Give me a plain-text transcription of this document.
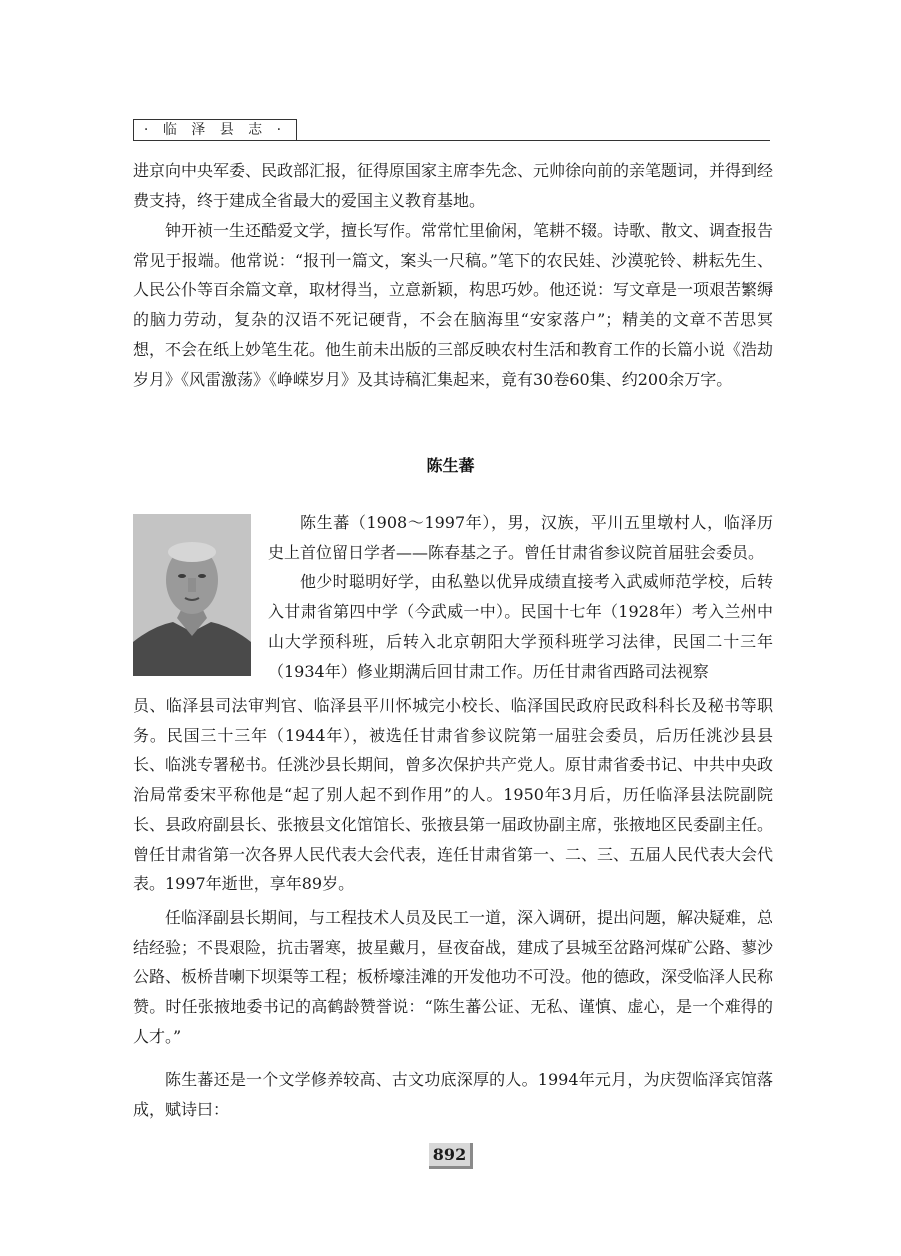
· 临 泽 县 志 ·

进京向中央军委、民政部汇报，征得原国家主席李先念、元帅徐向前的亲笔题词，并得到经费支持，终于建成全省最大的爱国主义教育基地。

钟开祯一生还酷爱文学，擅长写作。常常忙里偷闲，笔耕不辍。诗歌、散文、调查报告常见于报端。他常说：“报刊一篇文，案头一尺稿。”笔下的农民娃、沙漠驼铃、耕耘先生、人民公仆等百余篇文章，取材得当，立意新颖，构思巧妙。他还说：写文章是一项艰苦繁缛的脑力劳动，复杂的汉语不死记硬背，不会在脑海里“安家落户”；精美的文章不苦思冥想，不会在纸上妙笔生花。他生前未出版的三部反映农村生活和教育工作的长篇小说《浩劫岁月》《风雷激荡》《峥嵘岁月》及其诗稿汇集起来，竟有30卷60集、约200余万字。

陈生蕃

陈生蕃（1908～1997年），男，汉族，平川五里墩村人，临泽历史上首位留日学者——陈春基之子。曾任甘肃省参议院首届驻会委员。

他少时聪明好学，由私塾以优异成绩直接考入武威师范学校，后转入甘肃省第四中学（今武威一中）。民国十七年（1928年）考入兰州中山大学预科班，后转入北京朝阳大学预科班学习法律，民国二十三年（1934年）修业期满后回甘肃工作。历任甘肃省西路司法视察

员、临泽县司法审判官、临泽县平川怀城完小校长、临泽国民政府民政科科长及秘书等职务。民国三十三年（1944年），被选任甘肃省参议院第一届驻会委员，后历任洮沙县县长、临洮专署秘书。任洮沙县长期间，曾多次保护共产党人。原甘肃省委书记、中共中央政治局常委宋平称他是“起了别人起不到作用”的人。1950年3月后，历任临泽县法院副院长、县政府副县长、张掖县文化馆馆长、张掖县第一届政协副主席，张掖地区民委副主任。曾任甘肃省第一次各界人民代表大会代表，连任甘肃省第一、二、三、五届人民代表大会代表。1997年逝世，享年89岁。

任临泽副县长期间，与工程技术人员及民工一道，深入调研，提出问题，解决疑难，总结经验；不畏艰险，抗击署寒，披星戴月，昼夜奋战，建成了县城至岔路河煤矿公路、蓼沙公路、板桥昔喇下坝渠等工程；板桥壕洼滩的开发他功不可没。他的德政，深受临泽人民称赞。时任张掖地委书记的高鹤龄赞誉说：“陈生蕃公证、无私、谨慎、虚心，是一个难得的人才。”

陈生蕃还是一个文学修养较高、古文功底深厚的人。1994年元月，为庆贺临泽宾馆落成，赋诗曰：

892
